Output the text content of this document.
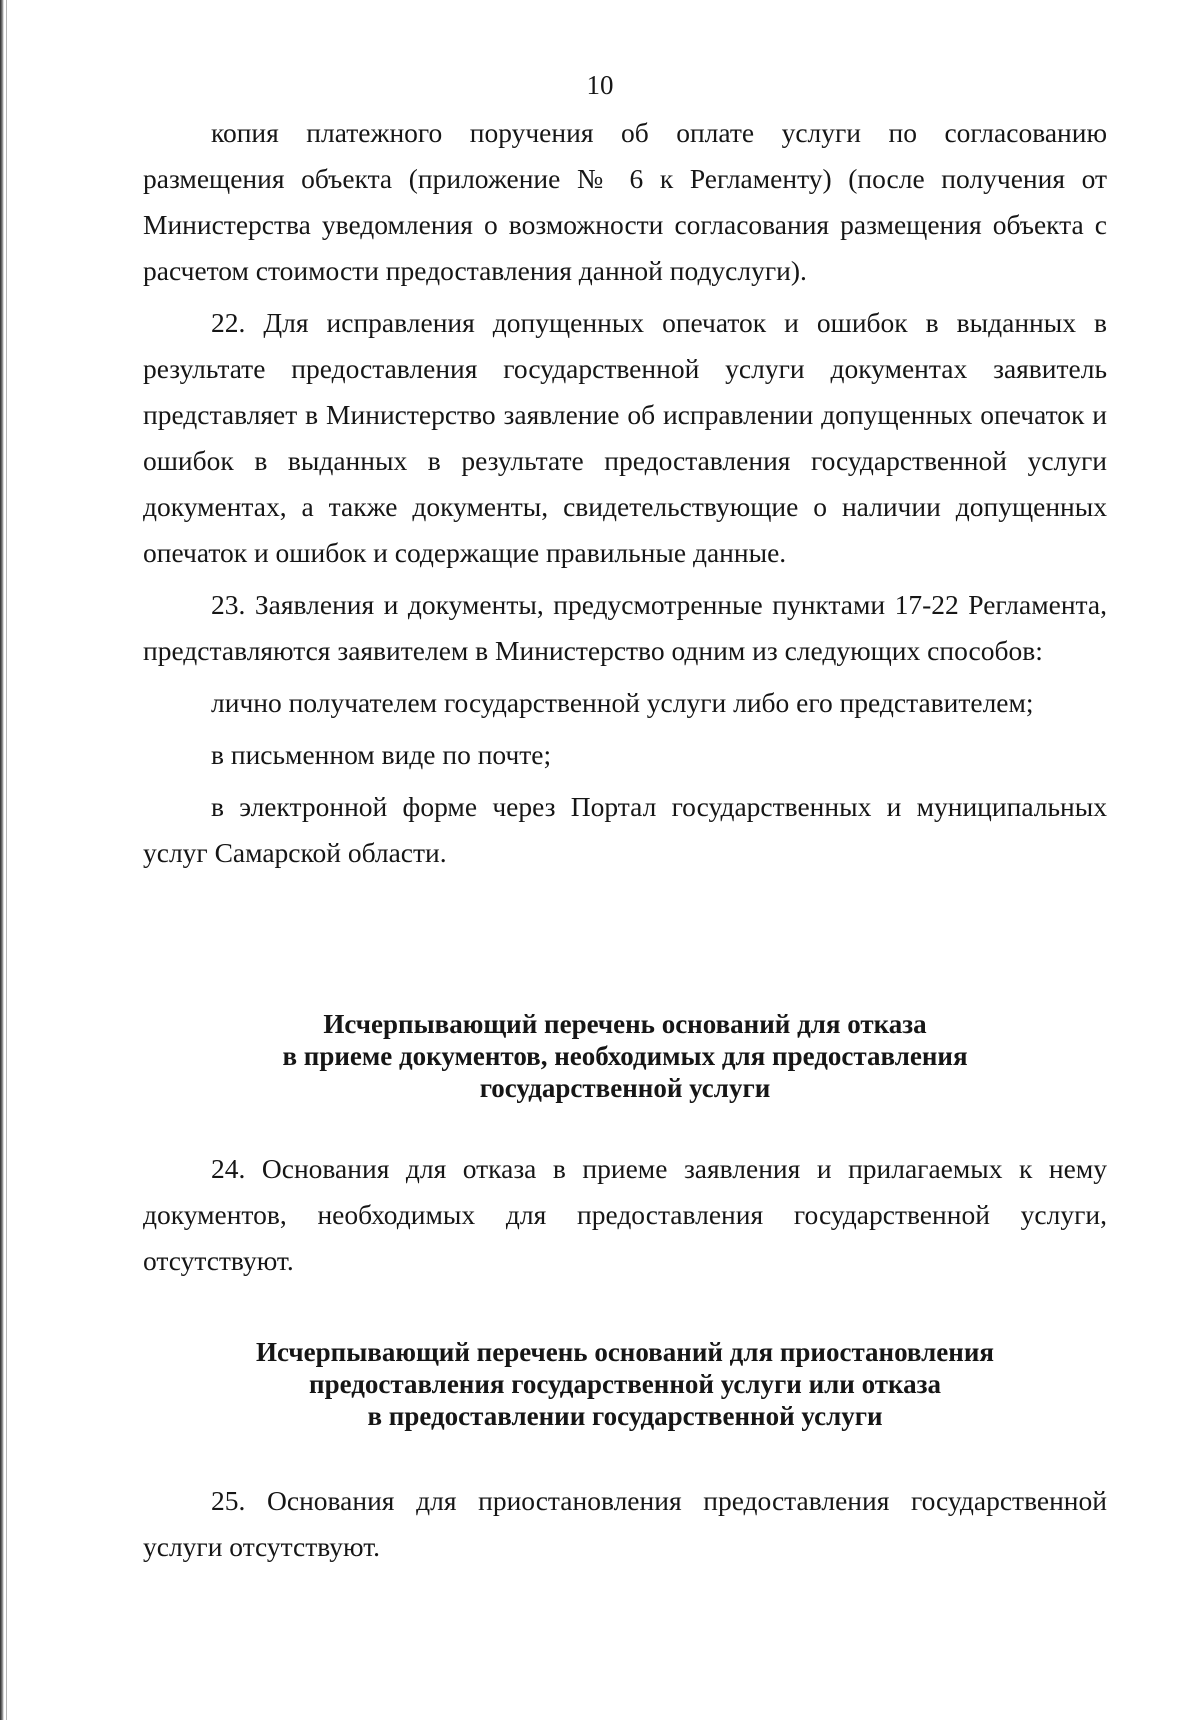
10

копия платежного поручения об оплате услуги по согласованию размещения объекта (приложение № 6 к Регламенту) (после получения от Министерства уведомления о возможности согласования размещения объекта с расчетом стоимости предоставления данной подуслуги).

22. Для исправления допущенных опечаток и ошибок в выданных в результате предоставления государственной услуги документах заявитель представляет в Министерство заявление об исправлении допущенных опечаток и ошибок в выданных в результате предоставления государственной услуги документах, а также документы, свидетельствующие о наличии допущенных опечаток и ошибок и содержащие правильные данные.

23. Заявления и документы, предусмотренные пунктами 17-22 Регламента, представляются заявителем в Министерство одним из следующих способов:

лично получателем государственной услуги либо его представителем;

в письменном виде по почте;

в электронной форме через Портал государственных и муниципальных услуг Самарской области.

Исчерпывающий перечень оснований для отказа
в приеме документов, необходимых для предоставления
государственной услуги

24. Основания для отказа в приеме заявления и прилагаемых к нему документов, необходимых для предоставления государственной услуги, отсутствуют.

Исчерпывающий перечень оснований для приостановления
предоставления государственной услуги или отказа
в предоставлении государственной услуги

25. Основания для приостановления предоставления государственной услуги отсутствуют.
